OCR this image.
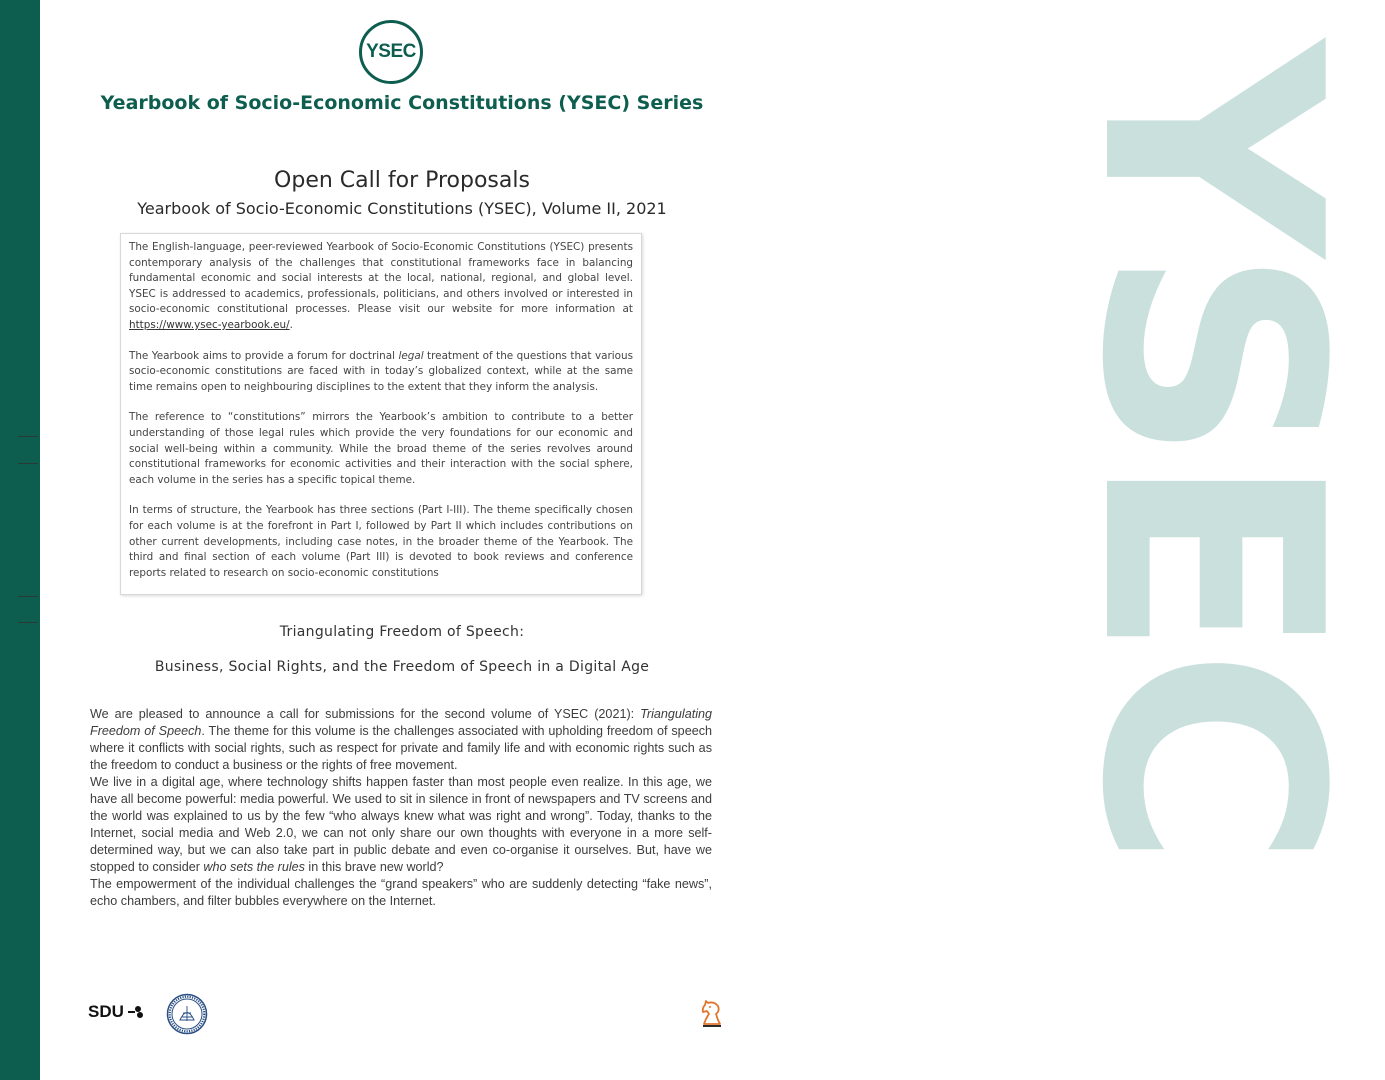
YSEC
YSEC
Yearbook of Socio-Economic Constitutions (YSEC) Series
Open Call for Proposals
Yearbook of Socio-Economic Constitutions (YSEC), Volume II, 2021

The English-language, peer-reviewed Yearbook of Socio-Economic Constitutions (YSEC) presents contemporary analysis of the challenges that constitutional frameworks face in balancing fundamental economic and social interests at the local, national, regional, and global level. YSEC is addressed to academics, professionals, politicians, and others involved or interested in socio-economic constitutional processes. Please visit our website for more information at https://www.ysec-yearbook.eu/.

The Yearbook aims to provide a forum for doctrinal legal treatment of the questions that various socio-economic constitutions are faced with in today’s globalized context, while at the same time remains open to neighbouring disciplines to the extent that they inform the analysis.

The reference to “constitutions” mirrors the Yearbook’s ambition to contribute to a better understanding of those legal rules which provide the very foundations for our economic and social well-being within a community. While the broad theme of the series revolves around constitutional frameworks for economic activities and their interaction with the social sphere, each volume in the series has a specific topical theme.

In terms of structure, the Yearbook has three sections (Part I-III). The theme specifically chosen for each volume is at the forefront in Part I, followed by Part II which includes contributions on other current developments, including case notes, in the broader theme of the Yearbook. The third and final section of each volume (Part III) is devoted to book reviews and conference reports related to research on socio-economic constitutions

Triangulating Freedom of Speech:
Business, Social Rights, and the Freedom of Speech in a Digital Age

We are pleased to announce a call for submissions for the second volume of YSEC (2021): Triangulating Freedom of Speech. The theme for this volume is the challenges associated with upholding freedom of speech where it conflicts with social rights, such as respect for private and family life and with economic rights such as the freedom to conduct a business or the rights of free movement.

We live in a digital age, where technology shifts happen faster than most people even realize. In this age, we have all become powerful: media powerful. We used to sit in silence in front of newspapers and TV screens and the world was explained to us by the few “who always knew what was right and wrong”. Today, thanks to the Internet, social media and Web 2.0, we can not only share our own thoughts with everyone in a more self-determined way, but we can also take part in public debate and even co-organise it ourselves. But, have we stopped to consider who sets the rules in this brave new world?

The empowerment of the individual challenges the “grand speakers” who are suddenly detecting “fake news”, echo chambers, and filter bubbles everywhere on the Internet.

SDU
